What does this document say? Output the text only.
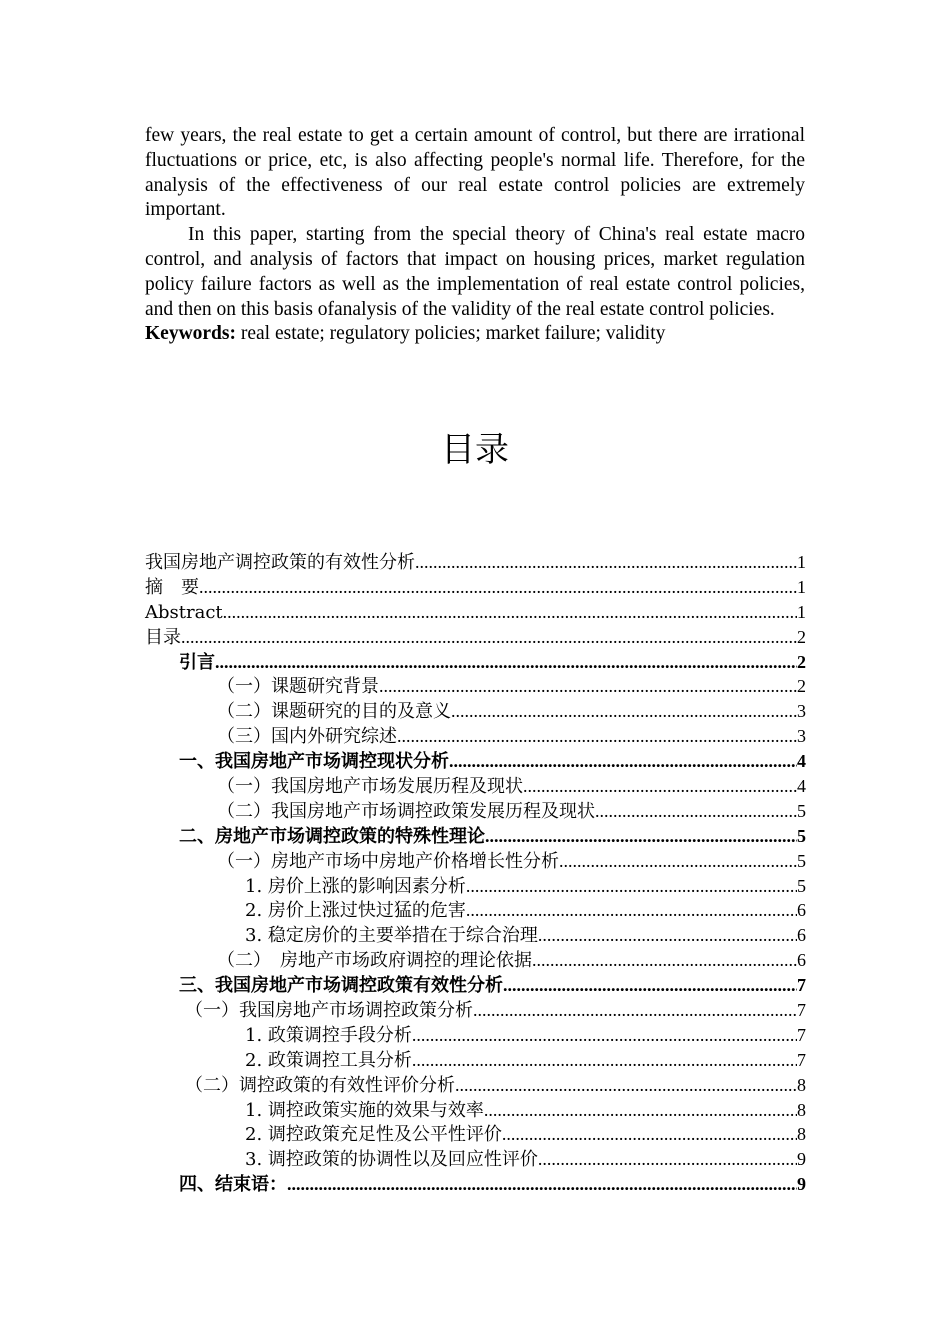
few years, the real estate to get a certain amount of control, but there are irrational fluctuations or price, etc, is also affecting people's normal life. Therefore, for the analysis of the effectiveness of our real estate control policies are extremely important.

In this paper, starting from the special theory of China's real estate macro control, and analysis of factors that impact on housing prices, market regulation policy failure factors as well as the implementation of real estate control policies, and then on this basis ofanalysis of the validity of the real estate control policies.

Keywords: real estate; regulatory policies; market failure; validity

目录
我国房地产调控政策的有效性分析 .....	1
摘　要 .....	1
Abstract .....	1
目录 .....	2
引言 .....	2
（一）课题研究背景 .....	2
（二）课题研究的目的及意义 .....	3
（三）国内外研究综述 .....	3
一、我国房地产市场调控现状分析 .....	4
（一）我国房地产市场发展历程及现状 .....	4
（二）我国房地产市场调控政策发展历程及现状 .....	5
二、房地产市场调控政策的特殊性理论 .....	5
（一）房地产市场中房地产价格增长性分析 .....	5
1. 房价上涨的影响因素分析 .....	5
2. 房价上涨过快过猛的危害 .....	6
3. 稳定房价的主要举措在于综合治理 .....	6
（二）　房地产市场政府调控的理论依据 .....	6
三、我国房地产市场调控政策有效性分析 .....	7
（一）我国房地产市场调控政策分析 .....	7
1. 政策调控手段分析 .....	7
2. 政策调控工具分析 .....	7
（二）调控政策的有效性评价分析 .....	8
1. 调控政策实施的效果与效率 .....	8
2. 调控政策充足性及公平性评价 .....	8
3. 调控政策的协调性以及回应性评价 .....	9
四、结束语： .....	9
